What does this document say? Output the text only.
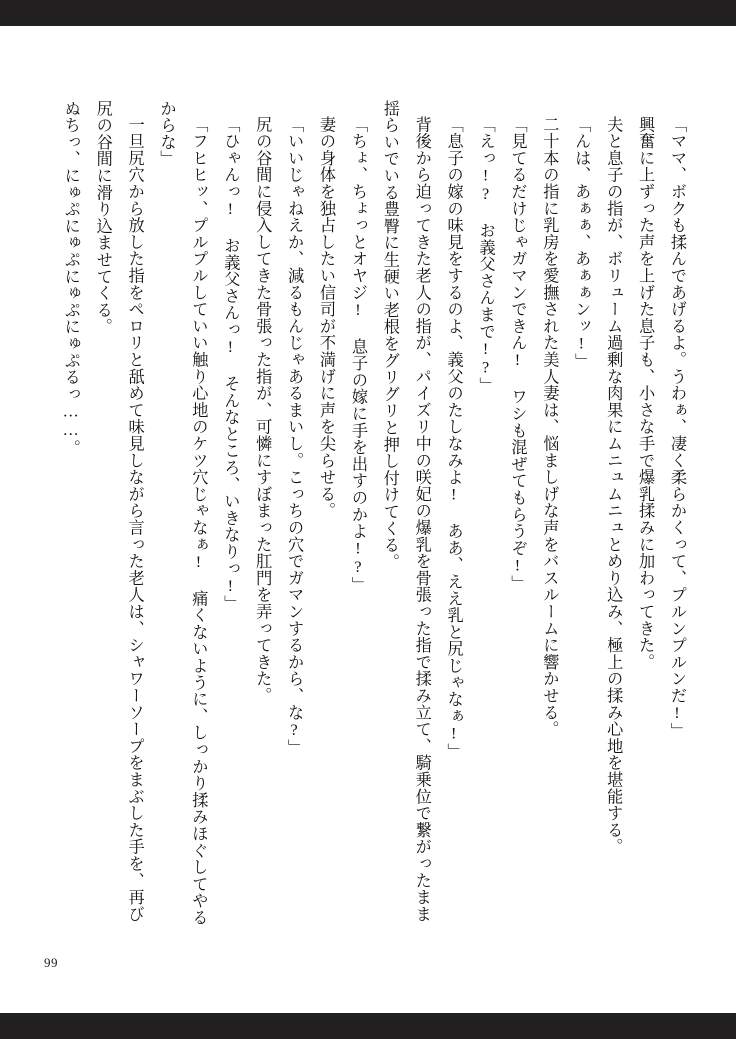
「ママ、ボクも揉んであげるよ。うわぁ、凄く柔らかくって、プルンプルンだ!」

興奮に上ずった声を上げた息子も、小さな手で爆乳揉みに加わってきた。

夫と息子の指が、ボリューム過剰な肉果にムニュムニュとめり込み、極上の揉み心地を堪能する。

「んは、あぁぁ、あぁぁンッ!」

二十本の指に乳房を愛撫された美人妻は、悩ましげな声をバスルームに響かせる。

「見てるだけじゃガマンできん! ワシも混ぜてもらうぞ!」

「えっ!? お義父さんまで!?」

「息子の嫁の味見をするのよ、義父のたしなみよ! ああ、ええ乳と尻じゃなぁ!」

背後から迫ってきた老人の指が、パイズリ中の咲妃の爆乳を骨張った指で揉み立て、騎乗位で繋がったまま揺らいでいる豊臀に生硬い老根をグリグリと押し付けてくる。

「ちょ、ちょっとオヤジ! 息子の嫁に手を出すのかよ!?」

妻の身体を独占したい信司が不満げに声を尖らせる。

「いいじゃねえか、減るもんじゃあるまいし。こっちの穴でガマンするから、な?」

尻の谷間に侵入してきた骨張った指が、可憐にすぼまった肛門を弄ってきた。

「ひゃんっ! お義父さんっ! そんなところ、いきなりっ!」

「フヒヒッ、プルプルしていい触り心地のケツ穴じゃなぁ! 痛くないように、しっかり揉みほぐしてやるからな」

一旦尻穴から放した指をペロリと舐めて味見しながら言った老人は、シャワーソープをまぶした手を、再び尻の谷間に滑り込ませてくる。

ぬちっ、にゅぷにゅぷにゅぷにゅぷるっ……。

99
